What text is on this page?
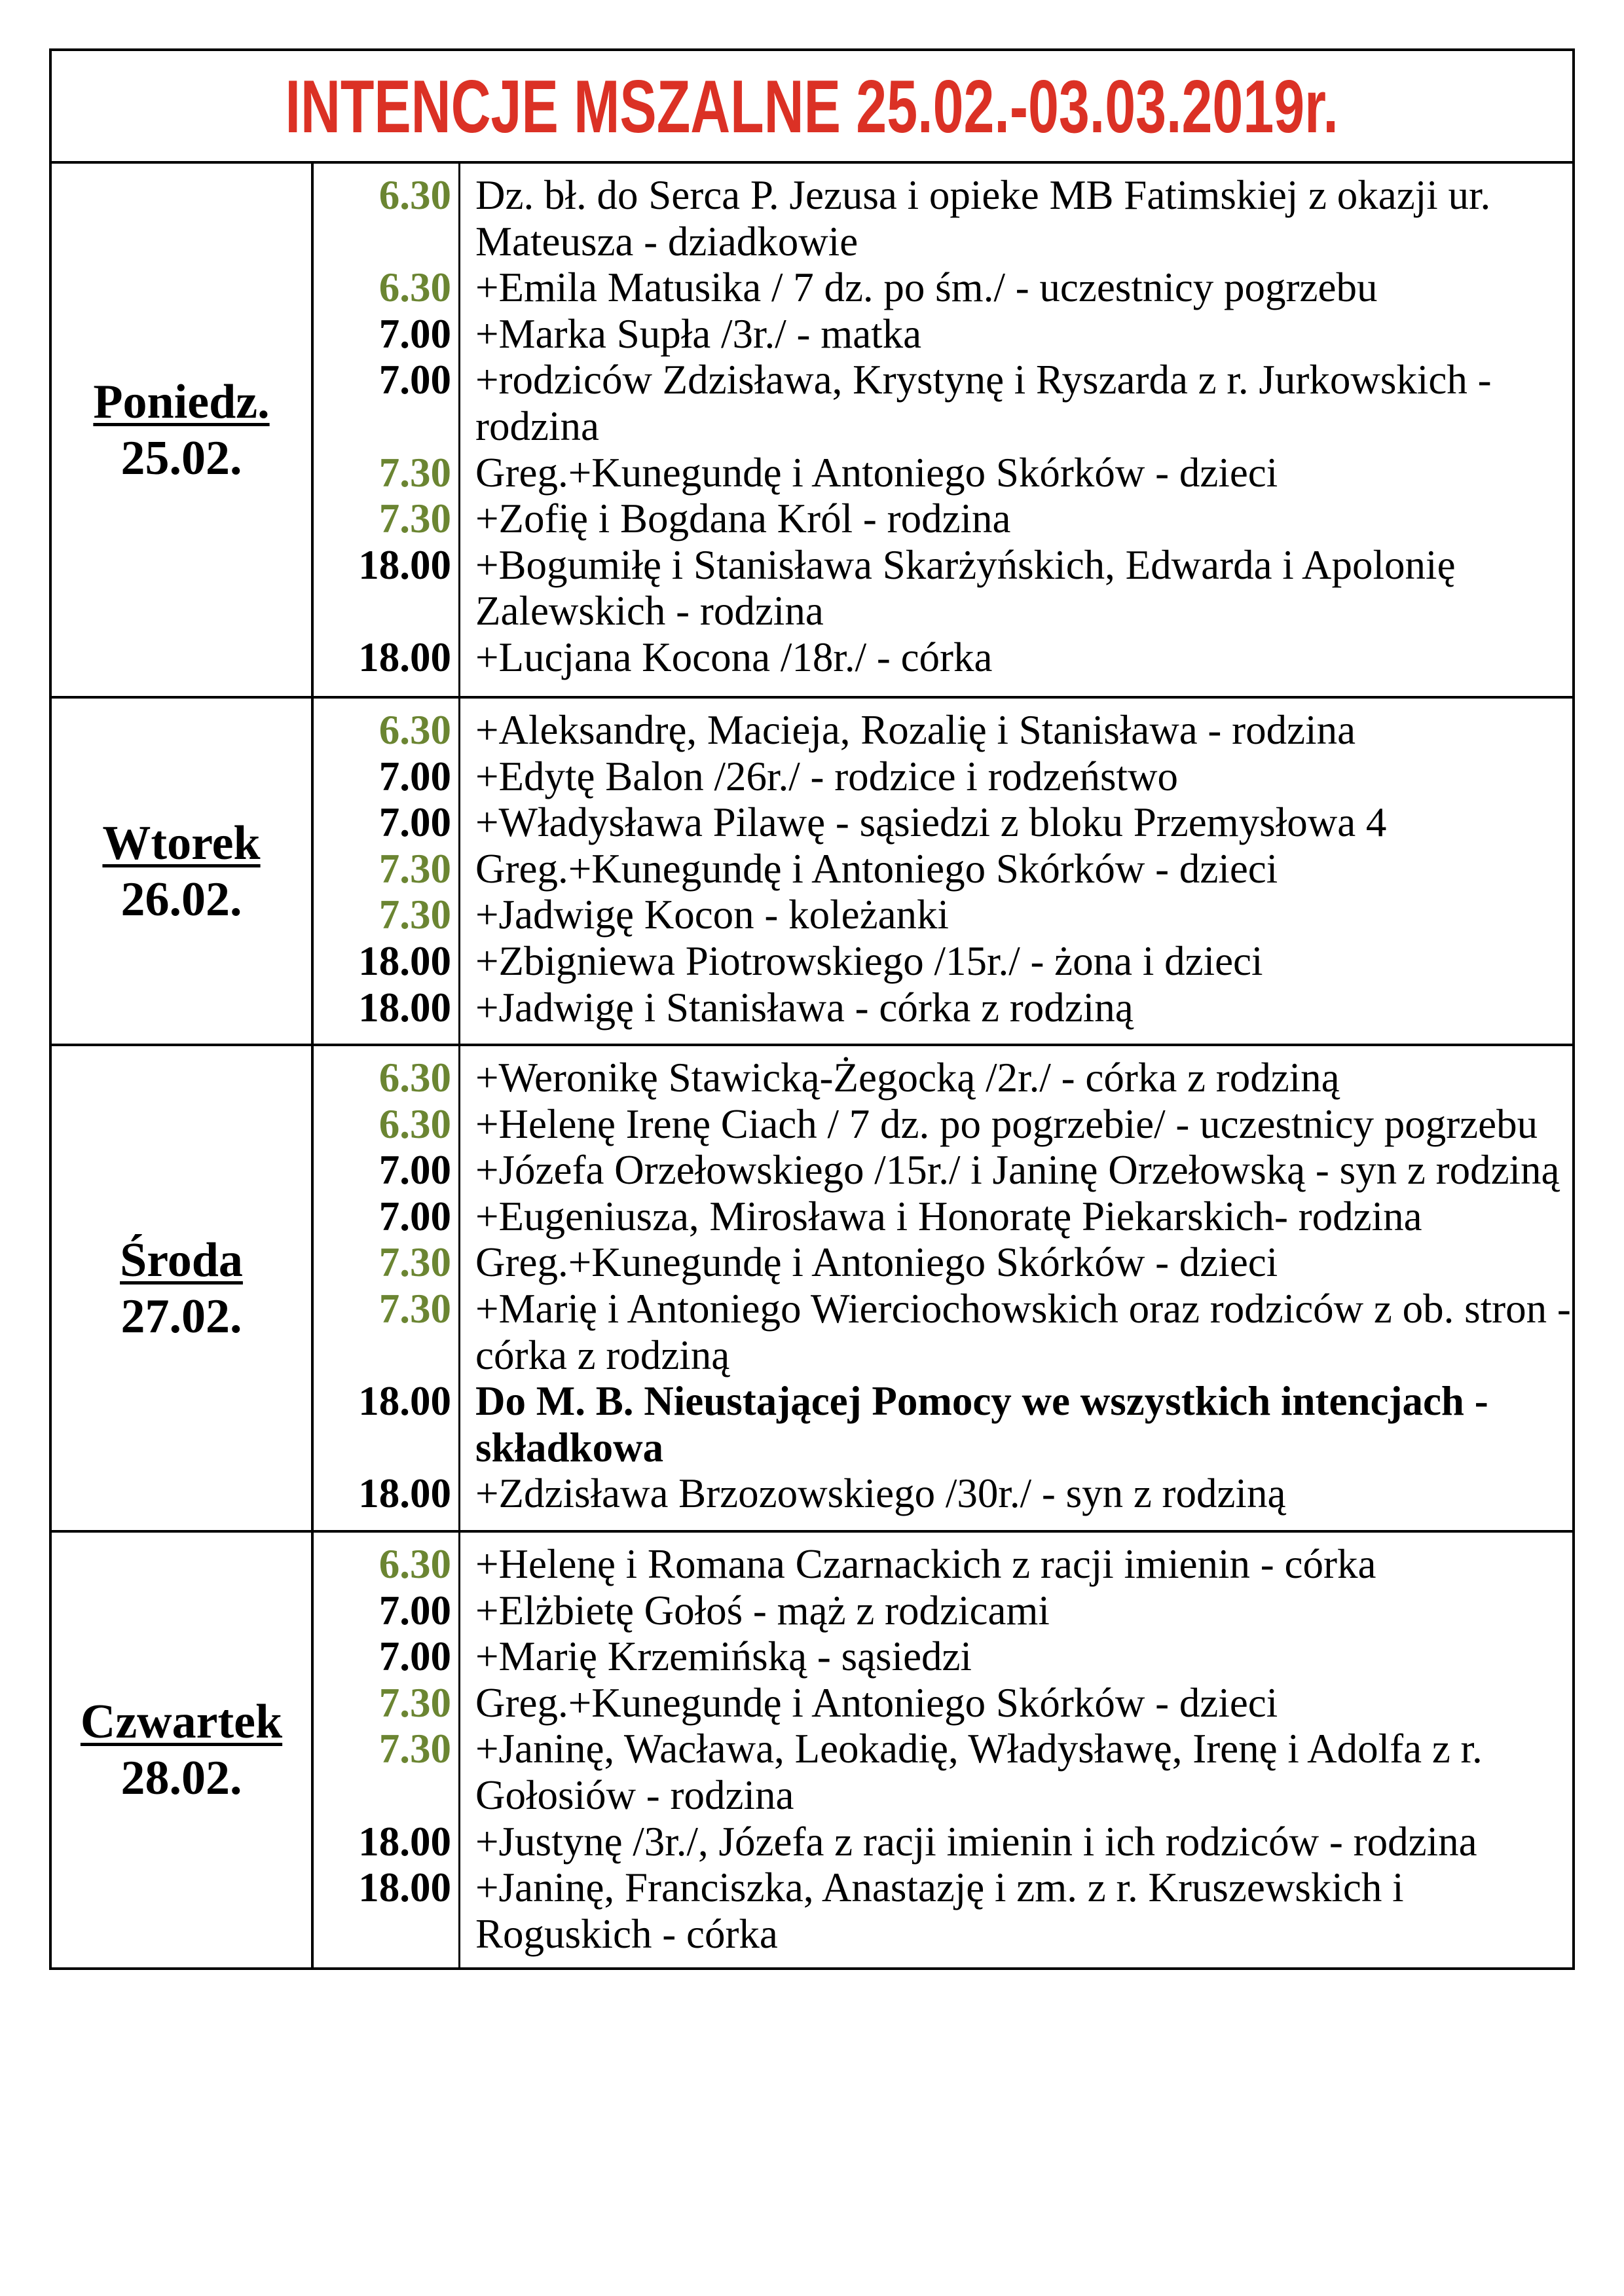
INTENCJE MSZALNE 25.02.-03.03.2019r.
Poniedz.
25.02.
6.30 Dz. bł. do Serca P. Jezusa i opieke MB Fatimskiej z okazji ur.
Mateusza - dziadkowie
6.30 +Emila Matusika / 7 dz. po śm./ - uczestnicy pogrzebu
7.00 +Marka Supła /3r./ - matka
7.00 +rodziców Zdzisława, Krystynę i Ryszarda z r. Jurkowskich -
rodzina
7.30 Greg.+Kunegundę i Antoniego Skórków - dzieci
7.30 +Zofię i Bogdana Król - rodzina
18.00 +Bogumiłę i Stanisława Skarżyńskich, Edwarda i Apolonię
Zalewskich - rodzina
18.00 +Lucjana Kocona /18r./ - córka
Wtorek
26.02.
6.30 +Aleksandrę, Macieja, Rozalię i Stanisława - rodzina
7.00 +Edytę Balon /26r./ - rodzice i rodzeństwo
7.00 +Władysława Pilawę - sąsiedzi z bloku Przemysłowa 4
7.30 Greg.+Kunegundę i Antoniego Skórków - dzieci
7.30 +Jadwigę Kocon - koleżanki
18.00 +Zbigniewa Piotrowskiego /15r./ - żona i dzieci
18.00 +Jadwigę i Stanisława - córka z rodziną
Środa
27.02.
6.30 +Weronikę Stawicką-Żegocką /2r./ - córka z rodziną
6.30 +Helenę Irenę Ciach / 7 dz. po pogrzebie/ - uczestnicy pogrzebu
7.00 +Józefa Orzełowskiego /15r./ i Janinę Orzełowską - syn z rodziną
7.00 +Eugeniusza, Mirosława i Honoratę Piekarskich- rodzina
7.30 Greg.+Kunegundę i Antoniego Skórków - dzieci
7.30 +Marię i Antoniego Wierciochowskich oraz rodziców z ob. stron -
córka z rodziną
18.00 Do M. B. Nieustającej Pomocy we wszystkich intencjach -
składkowa
18.00 +Zdzisława Brzozowskiego /30r./ - syn z rodziną
Czwartek
28.02.
6.30 +Helenę i Romana Czarnackich z racji imienin - córka
7.00 +Elżbietę Gołoś - mąż z rodzicami
7.00 +Marię Krzemińską - sąsiedzi
7.30 Greg.+Kunegundę i Antoniego Skórków - dzieci
7.30 +Janinę, Wacława, Leokadię, Władysławę, Irenę i Adolfa z r.
Gołosiów - rodzina
18.00 +Justynę /3r./, Józefa z racji imienin i ich rodziców - rodzina
18.00 +Janinę, Franciszka, Anastazję i zm. z r. Kruszewskich i
Roguskich - córka
